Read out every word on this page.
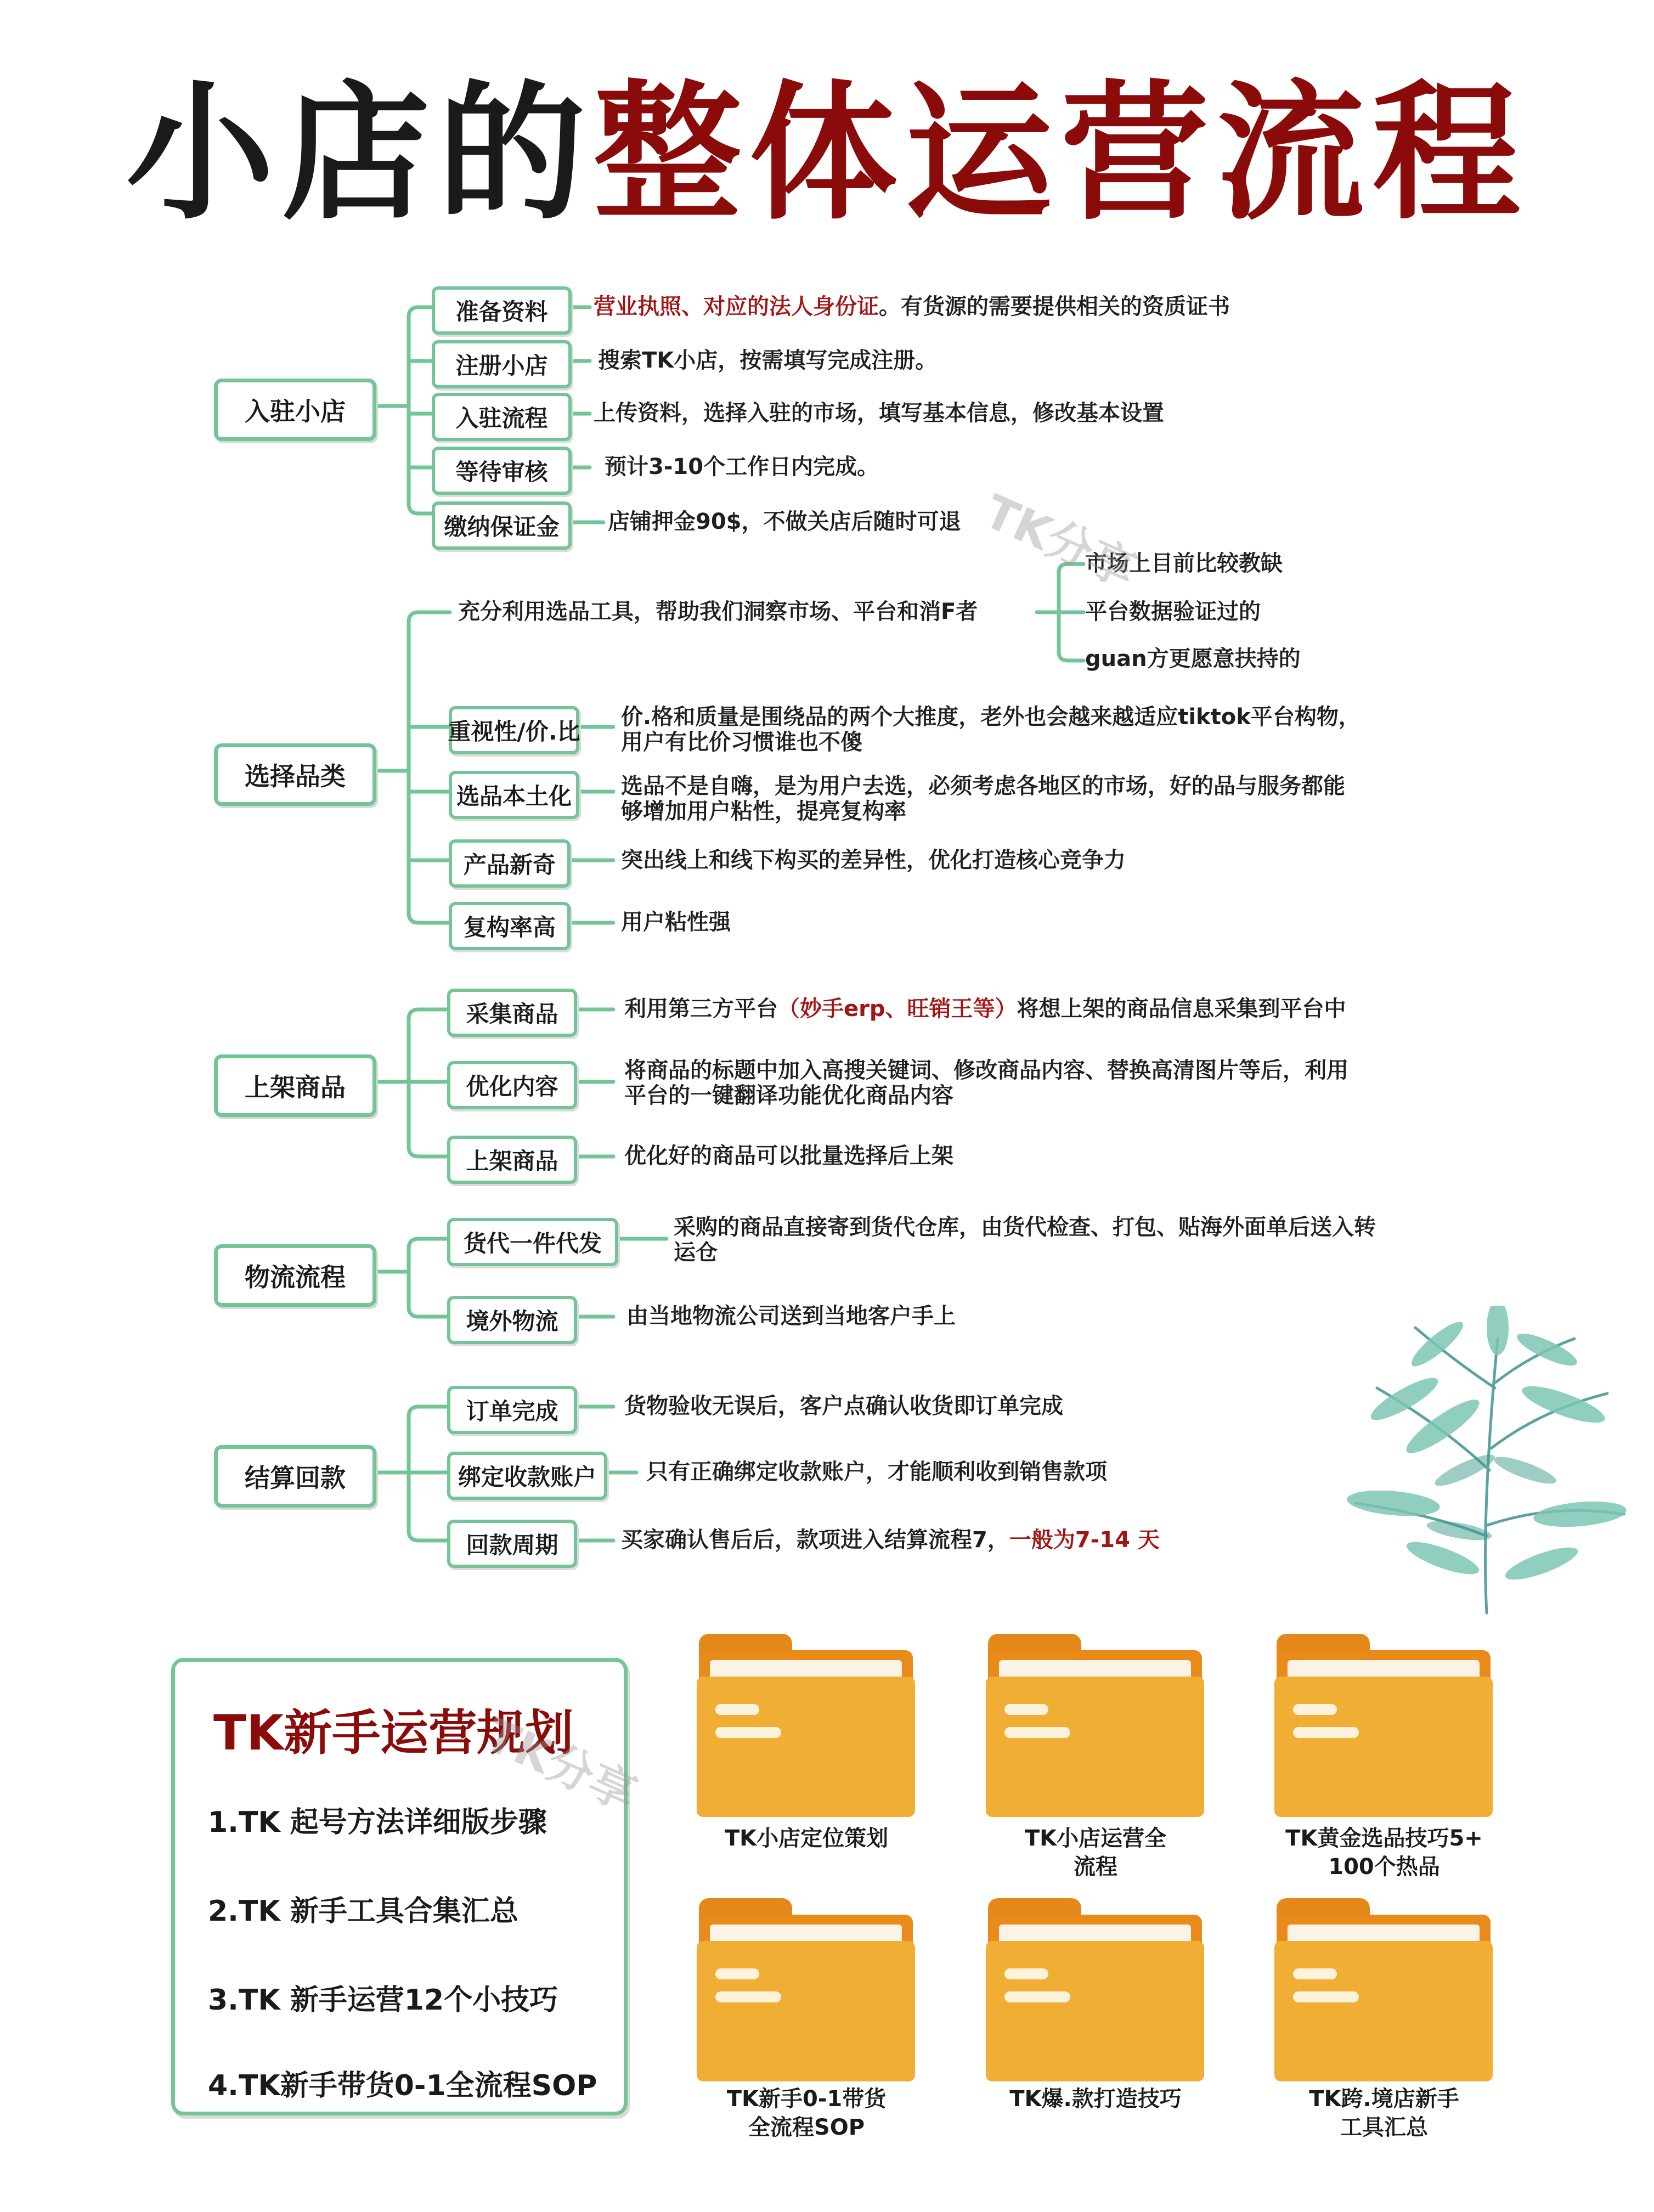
小店的整体运营流程
入驻小店
准备资料 营业执照、对应的法人身份证。有货源的需要提供相关的资质证书
注册小店 搜索TK小店，按需填写完成注册。
入驻流程 上传资料，选择入驻的市场，填写基本信息，修改基本设置
等待审核	预计3-10个工作日内完成。
缴纳保证金 店铺押金90$，不做关店后随时可退
选择品类
充分利用选品工具，帮助我们洞察市场、平台和消F者
市场上目前比较教缺
平台数据验证过的
guan方更愿意扶持的
重视性/价.比
价.格和质量是围绕品的两个大推度，老外也会越来越适应tiktok平台构物，
用户有比价习惯谁也不傻
选品本土化 选品不是自嗨，是为用户去选，必须考虑各地区的市场，好的品与服务都能
够增加用户粘性，提亮复构率
产品新奇	突出线上和线下构买的差异性，优化打造核心竞争力
复构率高	用户粘性强
上架商品
采集商品	利用第三方平台（妙手erp、旺销王等）将想上架的商品信息采集到平台中
优化内容
将商品的标题中加入高搜关键词、修改商品内容、替换高清图片等后，利用
平台的一键翻译功能优化商品内容
上架商品	优化好的商品可以批量选择后上架
物流流程
货代一件代发
采购的商品直接寄到货代仓库，由货代检查、打包、贴海外面单后送入转
运仓
境外物流	由当地物流公司送到当地客户手上
结算回款
订单完成	货物验收无误后，客户点确认收货即订单完成
绑定收款账户 只有正确绑定收款账户，才能顺利收到销售款项
回款周期	买家确认售后后，款项进入结算流程7，一般为7-14 天
TK新手运营规划
1.TK 起号方法详细版步骤
2.TK 新手工具合集汇总
3.TK 新手运营12个小技巧
4.TK新手带货0-1全流程SOP
TK小店定位策划	TK小店运营全
流程
TK黄金选品技巧5+
100个热品
TK新手0-1带货
全流程SOP
TK爆.款打造技巧	TK跨.境店新手
工具汇总
TK分享
TK分享
